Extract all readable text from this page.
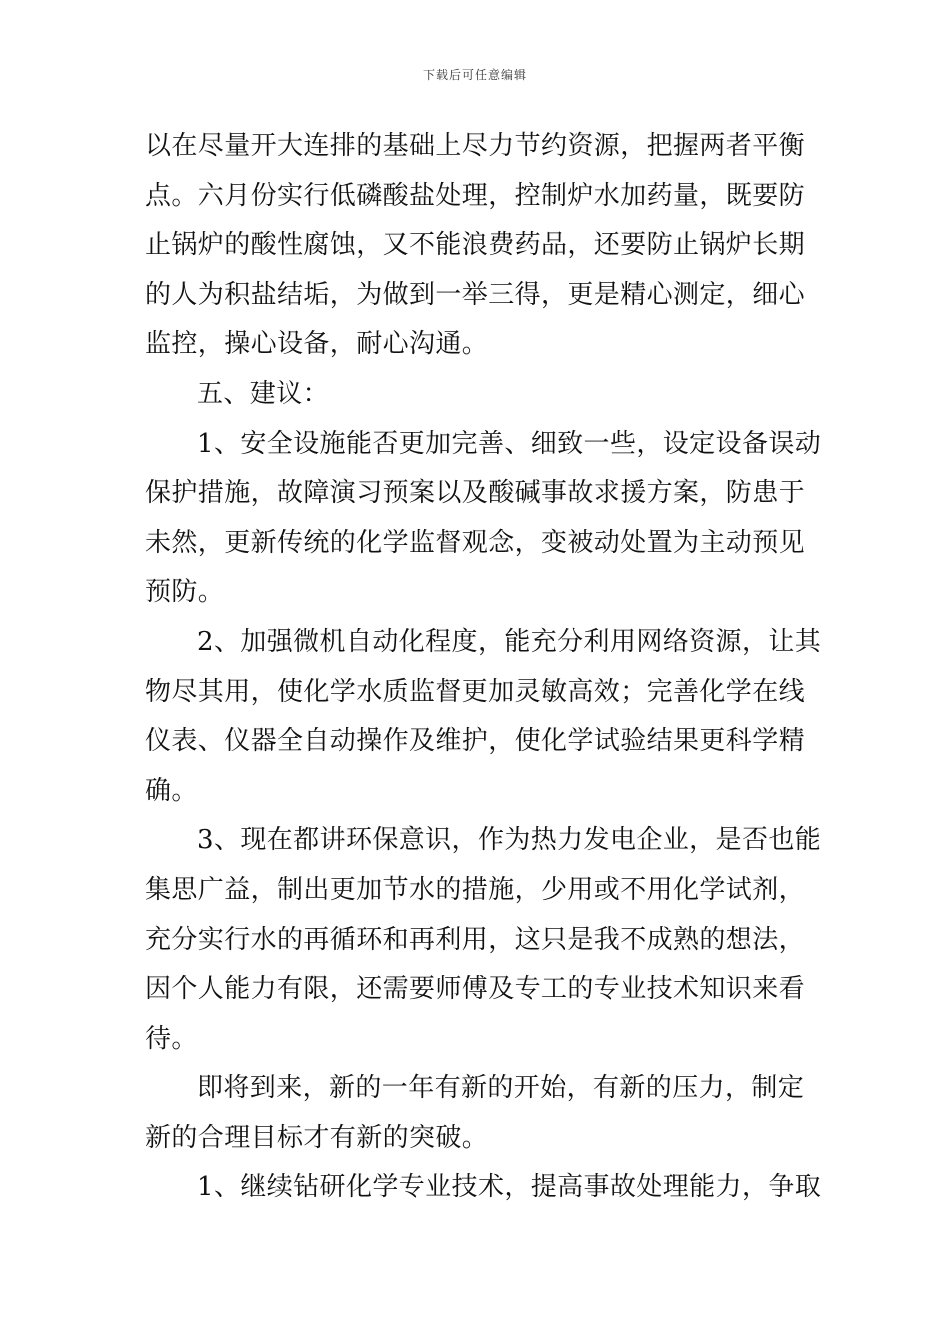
下载后可任意编辑
以在尽量开大连排的基础上尽力节约资源，把握两者平衡
点。六月份实行低磷酸盐处理，控制炉水加药量，既要防
止锅炉的酸性腐蚀，又不能浪费药品，还要防止锅炉长期
的人为积盐结垢，为做到一举三得，更是精心测定，细心
监控，操心设备，耐心沟通。
五、建议：
1、安全设施能否更加完善、细致一些，设定设备误动
保护措施，故障演习预案以及酸碱事故求援方案，防患于
未然，更新传统的化学监督观念，变被动处置为主动预见
预防。
2、加强微机自动化程度，能充分利用网络资源，让其
物尽其用，使化学水质监督更加灵敏高效；完善化学在线
仪表、仪器全自动操作及维护，使化学试验结果更科学精
确。
3、现在都讲环保意识，作为热力发电企业，是否也能
集思广益，制出更加节水的措施，少用或不用化学试剂，
充分实行水的再循环和再利用，这只是我不成熟的想法，
因个人能力有限，还需要师傅及专工的专业技术知识来看
待。
即将到来，新的一年有新的开始，有新的压力，制定
新的合理目标才有新的突破。
1、继续钻研化学专业技术，提高事故处理能力，争取
